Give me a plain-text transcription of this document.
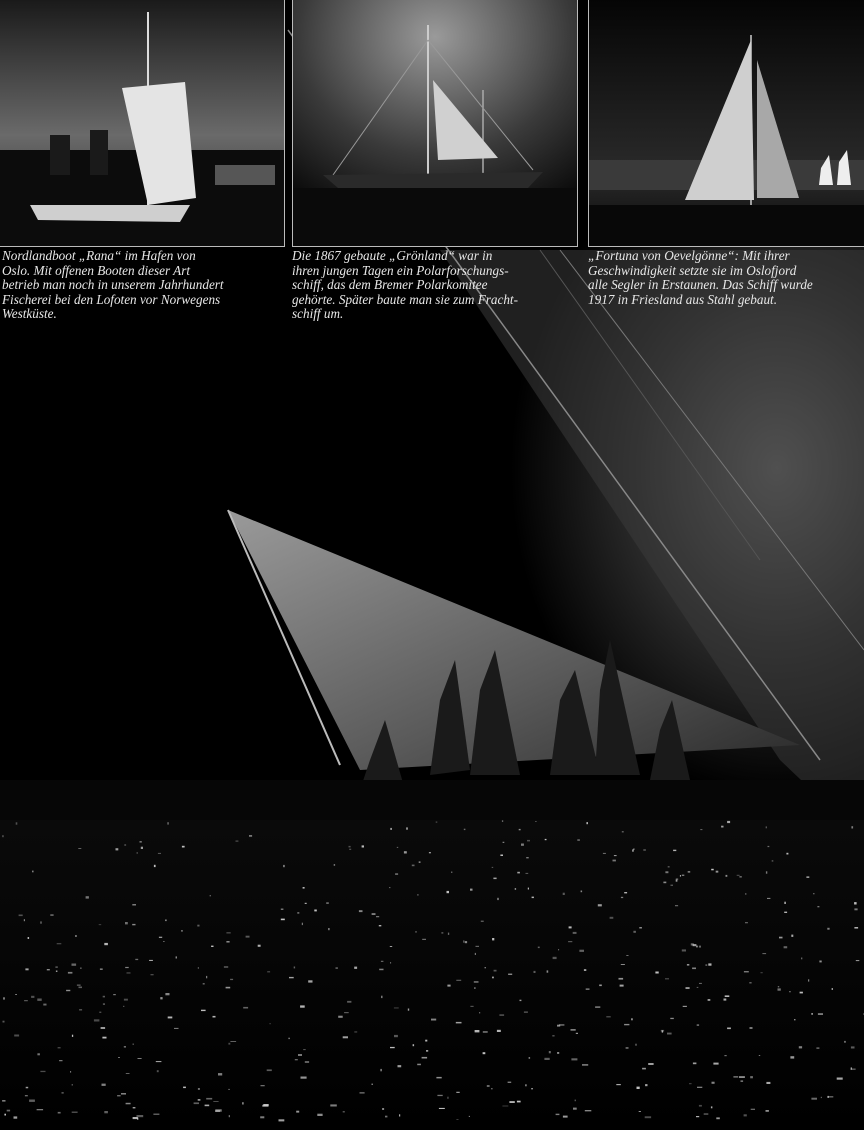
Nordlandboot „Rana“ im Hafen von
Oslo. Mit offenen Booten dieser Art
betrieb man noch in unserem Jahrhundert
Fischerei bei den Lofoten vor Norwegens
Westküste.

Die 1867 gebaute „Grönland“ war in
ihren jungen Tagen ein Polarforschungs-
schiff, das dem Bremer Polarkomitee
gehörte. Später baute man sie zum Fracht-
schiff um.

„Fortuna von Oevelgönne“: Mit ihrer
Geschwindigkeit setzte sie im Oslofjord
alle Segler in Erstaunen. Das Schiff wurde
1917 in Friesland aus Stahl gebaut.
